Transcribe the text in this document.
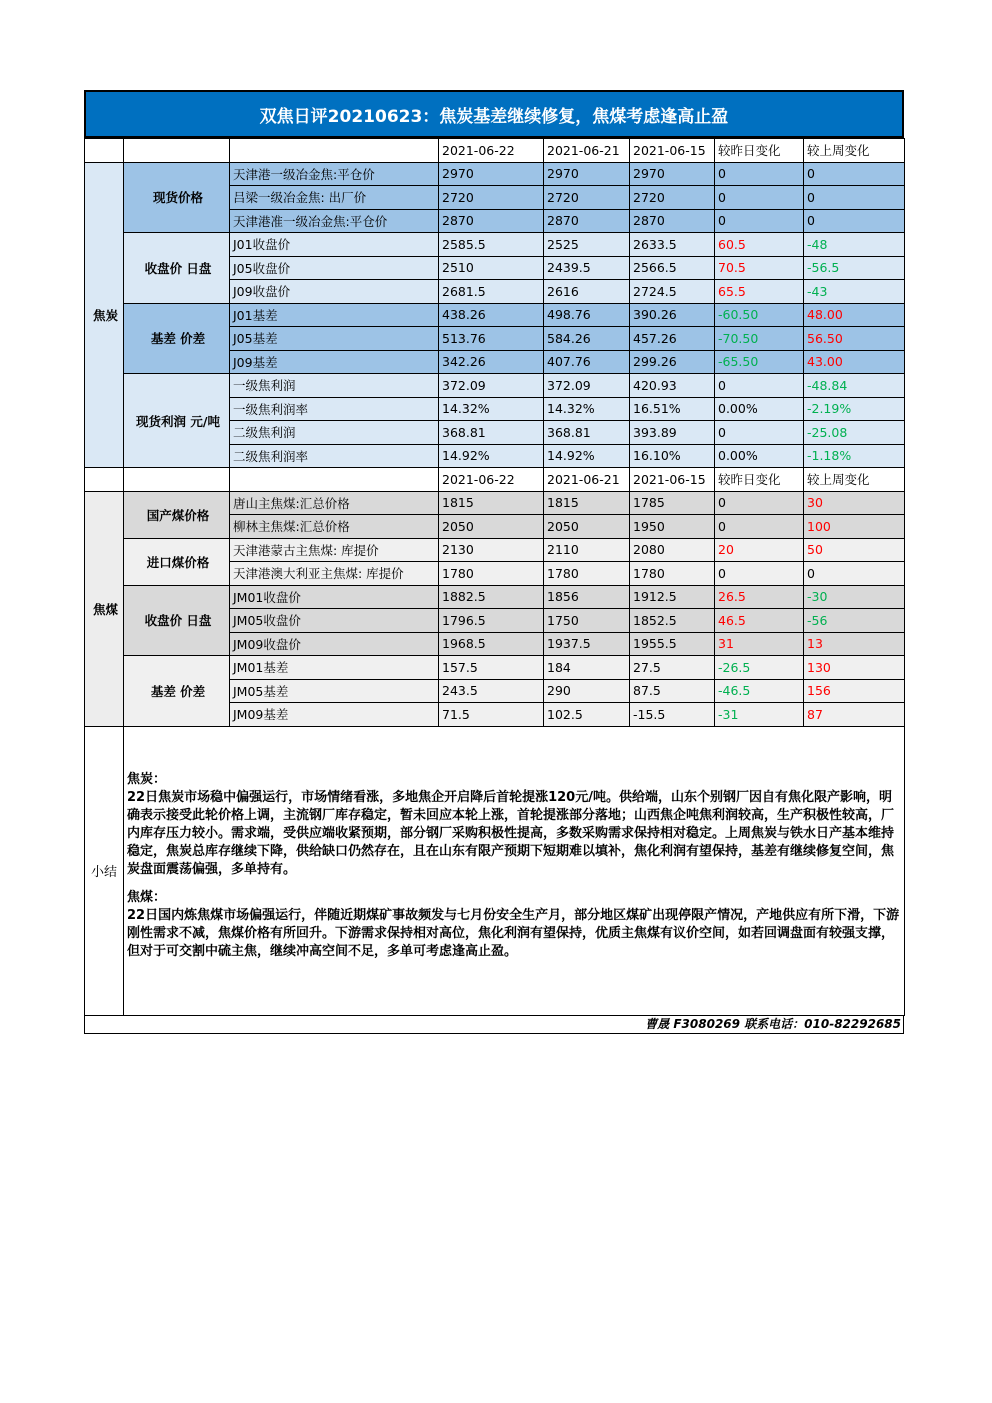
双焦日评20210623：焦炭基差继续修复，焦煤考虑逢高止盈
			2021-06-22	2021-06-21	2021-06-15	较昨日变化	较上周变化
焦炭	现货价格	天津港一级冶金焦:平仓价	2970	2970	2970	0	0
		吕梁一级冶金焦: 出厂价	2720	2720	2720	0	0
		天津港准一级冶金焦:平仓价	2870	2870	2870	0	0
	收盘价 日盘	J01收盘价	2585.5	2525	2633.5	60.5	-48
		J05收盘价	2510	2439.5	2566.5	70.5	-56.5
		J09收盘价	2681.5	2616	2724.5	65.5	-43
	基差 价差	J01基差	438.26	498.76	390.26	-60.50	48.00
		J05基差	513.76	584.26	457.26	-70.50	56.50
		J09基差	342.26	407.76	299.26	-65.50	43.00
	现货利润 元/吨	一级焦利润	372.09	372.09	420.93	0	-48.84
		一级焦利润率	14.32%	14.32%	16.51%	0.00%	-2.19%
		二级焦利润	368.81	368.81	393.89	0	-25.08
		二级焦利润率	14.92%	14.92%	16.10%	0.00%	-1.18%
			2021-06-22	2021-06-21	2021-06-15	较昨日变化	较上周变化
焦煤	国产煤价格	唐山主焦煤:汇总价格	1815	1815	1785	0	30
		柳林主焦煤:汇总价格	2050	2050	1950	0	100
	进口煤价格	天津港蒙古主焦煤: 库提价	2130	2110	2080	20	50
		天津港澳大利亚主焦煤: 库提价	1780	1780	1780	0	0
	收盘价 日盘	JM01收盘价	1882.5	1856	1912.5	26.5	-30
		JM05收盘价	1796.5	1750	1852.5	46.5	-56
		JM09收盘价	1968.5	1937.5	1955.5	31	13
	基差 价差	JM01基差	157.5	184	27.5	-26.5	130
		JM05基差	243.5	290	87.5	-46.5	156
		JM09基差	71.5	102.5	-15.5	-31	87
小结	
焦炭：

22日焦炭市场稳中偏强运行，市场情绪看涨，多地焦企开启降后首轮提涨120元/吨。供给端，山东个别钢厂因自有焦化限产影响，明确表示接受此轮价格上调，主流钢厂库存稳定，暂未回应本轮上涨，首轮提涨部分落地；山西焦企吨焦利润较高，生产积极性较高，厂内库存压力较小。需求端，受供应端收紧预期，部分钢厂采购积极性提高，多数采购需求保持相对稳定。上周焦炭与铁水日产基本维持稳定，焦炭总库存继续下降，供给缺口仍然存在，且在山东有限产预期下短期难以填补，焦化利润有望保持，基差有继续修复空间，焦炭盘面震荡偏强，多单持有。

焦煤：

22日国内炼焦煤市场偏强运行，伴随近期煤矿事故频发与七月份安全生产月，部分地区煤矿出现停限产情况，产地供应有所下滑，下游刚性需求不减，焦煤价格有所回升。下游需求保持相对高位，焦化利润有望保持，优质主焦煤有议价空间，如若回调盘面有较强支撑，但对于可交割中硫主焦，继续冲高空间不足，多单可考虑逢高止盈。

曹晟 F3080269 联系电话：010-82292685
